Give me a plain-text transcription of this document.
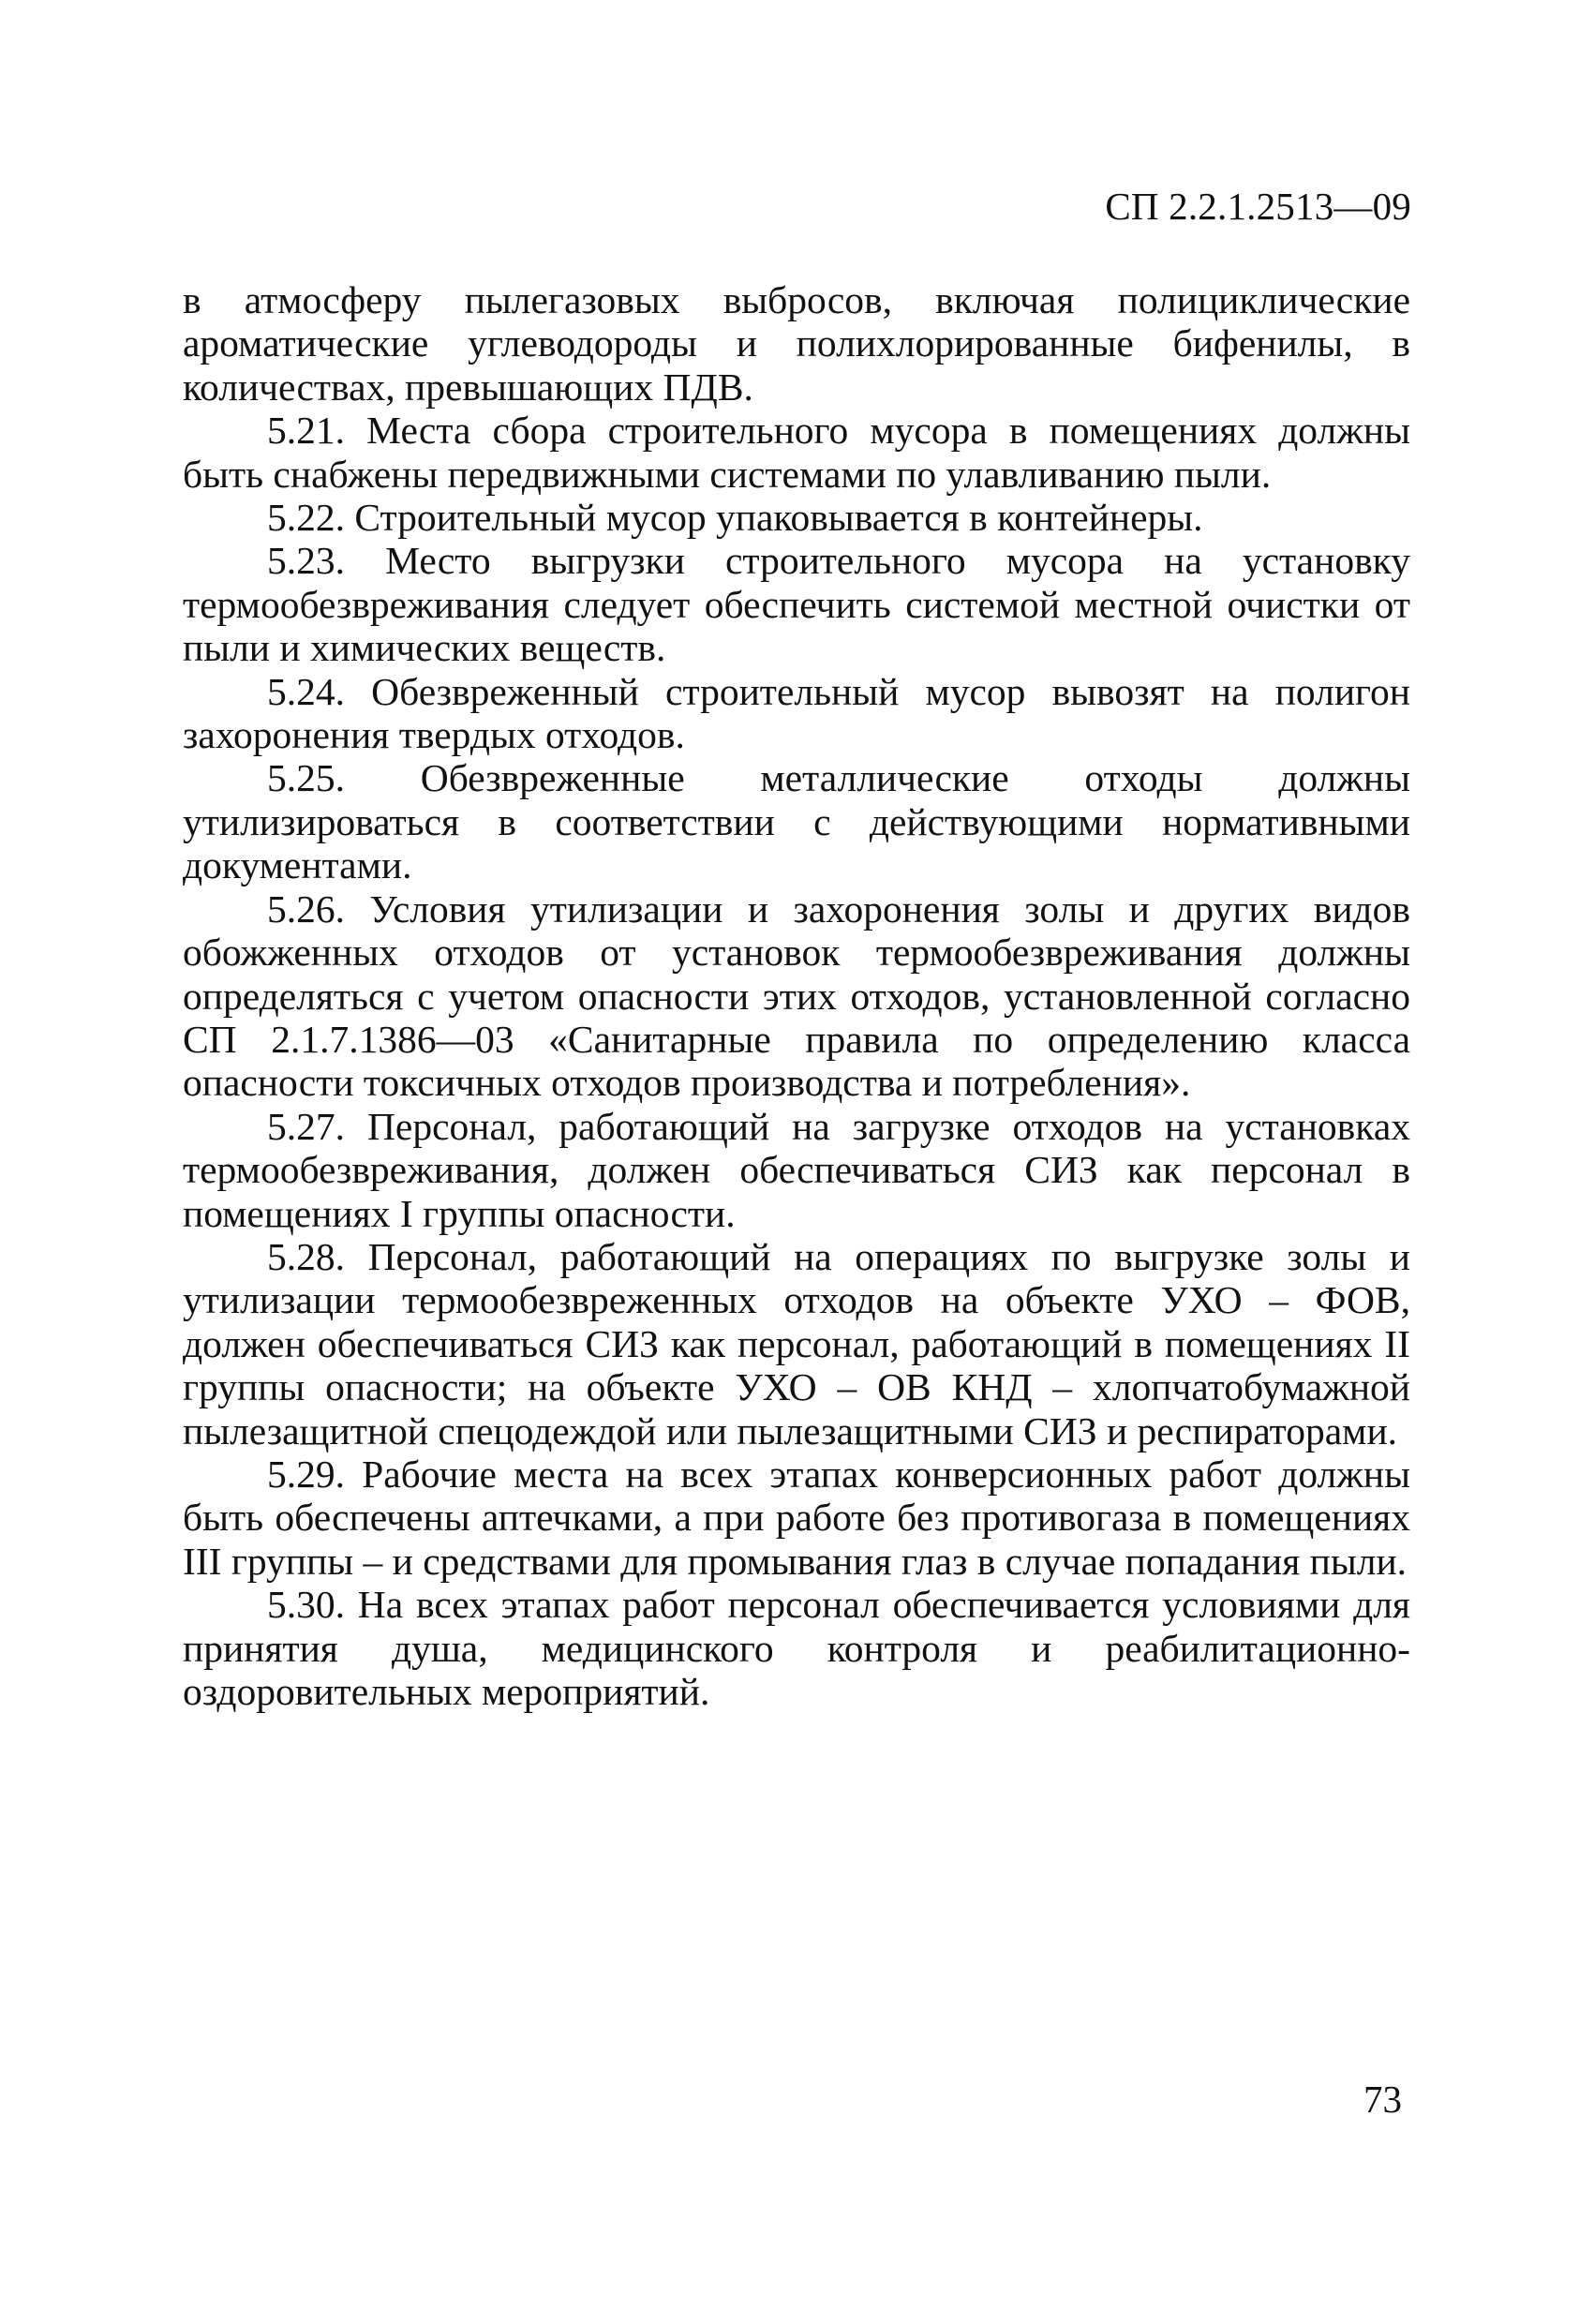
СП 2.2.1.2513—09

в атмосферу пылегазовых выбросов, включая полициклические ароматические углеводороды и полихлорированные бифенилы, в количествах, превышающих ПДВ.

5.21. Места сбора строительного мусора в помещениях должны быть снабжены передвижными системами по улавливанию пыли.

5.22. Строительный мусор упаковывается в контейнеры.

5.23. Место выгрузки строительного мусора на установку термообезвреживания следует обеспечить системой местной очистки от пыли и химических веществ.

5.24. Обезвреженный строительный мусор вывозят на полигон захоронения твердых отходов.

5.25. Обезвреженные металлические отходы должны утилизироваться в соответствии с действующими нормативными документами.

5.26. Условия утилизации и захоронения золы и других видов обожженных отходов от установок термообезвреживания должны определяться с учетом опасности этих отходов, установленной согласно СП 2.1.7.1386—03 «Санитарные правила по определению класса опасности токсичных отходов производства и потребления».

5.27. Персонал, работающий на загрузке отходов на установках термообезвреживания, должен обеспечиваться СИЗ как персонал в помещениях I группы опасности.

5.28. Персонал, работающий на операциях по выгрузке золы и утилизации термообезвреженных отходов на объекте УХО – ФОВ, должен обеспечиваться СИЗ как персонал, работающий в помещениях II группы опасности; на объекте УХО – ОВ КНД – хлопчатобумажной пылезащитной спецодеждой или пылезащитными СИЗ и респираторами.

5.29. Рабочие места на всех этапах конверсионных работ должны быть обеспечены аптечками, а при работе без противогаза в помещениях III группы – и средствами для промывания глаз в случае попадания пыли.

5.30. На всех этапах работ персонал обеспечивается условиями для принятия душа, медицинского контроля и реабилитационно-оздоровительных мероприятий.

73
